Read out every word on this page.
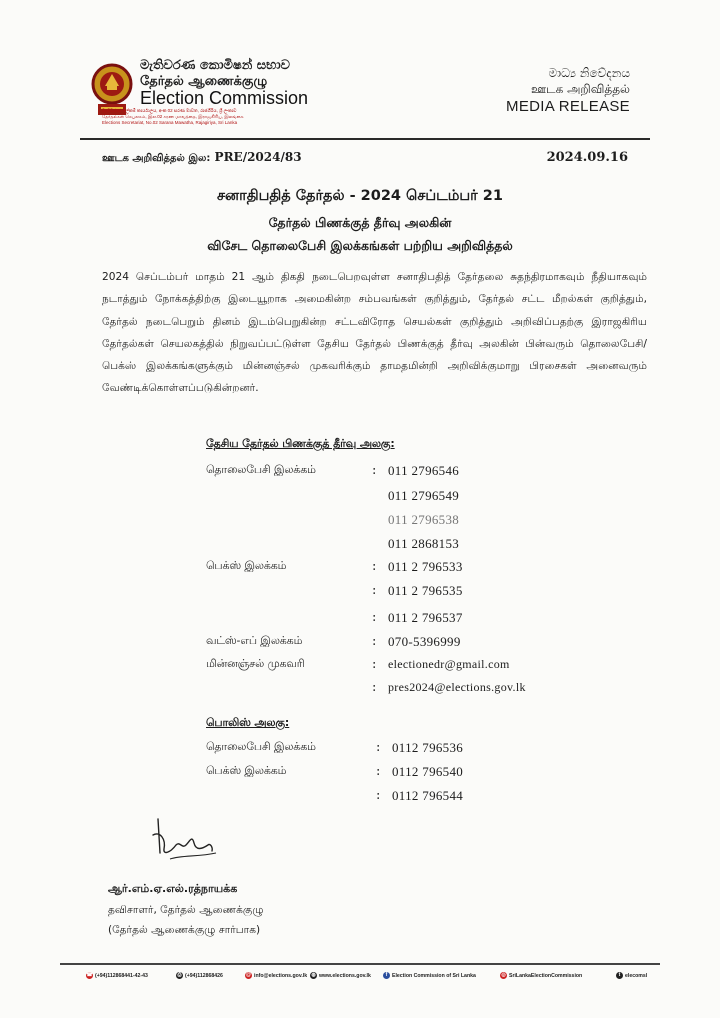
මැතිවරණ කොමිෂන් සභාව
தேர்தல் ஆணைக்குழு
Election Commission
මැතිවරණ ලේකම් කාර්යාලය, අංක 02 සරණ මාවත, රාජගිරිය, ශ්‍රී ලංකාව
தேர்தல்கள் செயலகம், இல.02 சரண மாவத்தை, இராஜகிரிய, இலங்கை
Elections Secretariat, No.02 Sarana Mawatha, Rajagiriya, Sri Lanka
මාධ්‍ය නිවේදනය
ஊடக அறிவித்தல்
MEDIA RELEASE
ஊடக அறிவித்தல் இல: PRE/2024/83	2024.09.16
சனாதிபதித் தேர்தல் - 2024 செப்டம்பர் 21
தேர்தல் பிணக்குத் தீர்வு அலகின்
விசேட தொலைபேசி இலக்கங்கள் பற்றிய அறிவித்தல்
2024 செப்டம்பர் மாதம் 21 ஆம் திகதி நடைபெறவுள்ள சனாதிபதித் தேர்தலை சுதந்திரமாகவும் நீதியாகவும் நடாத்தும் நோக்கத்திற்கு இடையூறாக அமைகின்ற சம்பவங்கள் குறித்தும், தேர்தல் சட்ட மீறல்கள் குறித்தும், தேர்தல் நடைபெறும் தினம் இடம்பெறுகின்ற சட்டவிரோத செயல்கள் குறித்தும் அறிவிப்பதற்கு இராஜகிரிய தேர்தல்கள் செயலகத்தில் நிறுவப்பட்டுள்ள தேசிய தேர்தல் பிணக்குத் தீர்வு அலகின் பின்வரும் தொலைபேசி/பெக்ஸ் இலக்கங்களுக்கும் மின்னஞ்சல் முகவரிக்கும் தாமதமின்றி அறிவிக்குமாறு பிரசைகள் அனைவரும் வேண்டிக்கொள்ளப்படுகின்றனர்.
தேசிய தேர்தல் பிணக்குத் தீர்வு அலகு:
தொலைபேசி இலக்கம்	: 011 2796546
011 2796549
011 2796538
011 2868153
பெக்ஸ் இலக்கம்	: 011 2 796533
: 011 2 796535
: 011 2 796537
வட்ஸ்-எப் இலக்கம்	: 070-5396999
மின்னஞ்சல் முகவரி	: electionedr@gmail.com
: pres2024@elections.gov.lk
பொலிஸ் அலகு:
தொலைபேசி இலக்கம்	: 0112 796536
பெக்ஸ் இலக்கம்	: 0112 796540
: 0112 796544
ஆர்.எம்.ஏ.எல்.ரத்நாயக்க
தவிசாளர், தேர்தல் ஆணைக்குழு
(தேர்தல் ஆணைக்குழு சார்பாக)
☎ (+94)112868441-42-43	⎙ (+94)112868426	@ info@elections.gov.lk ◍ www.elections.gov.lk	f Election Commission of Sri Lanka	◎ SriLankaElectionCommission	t elecomsl
